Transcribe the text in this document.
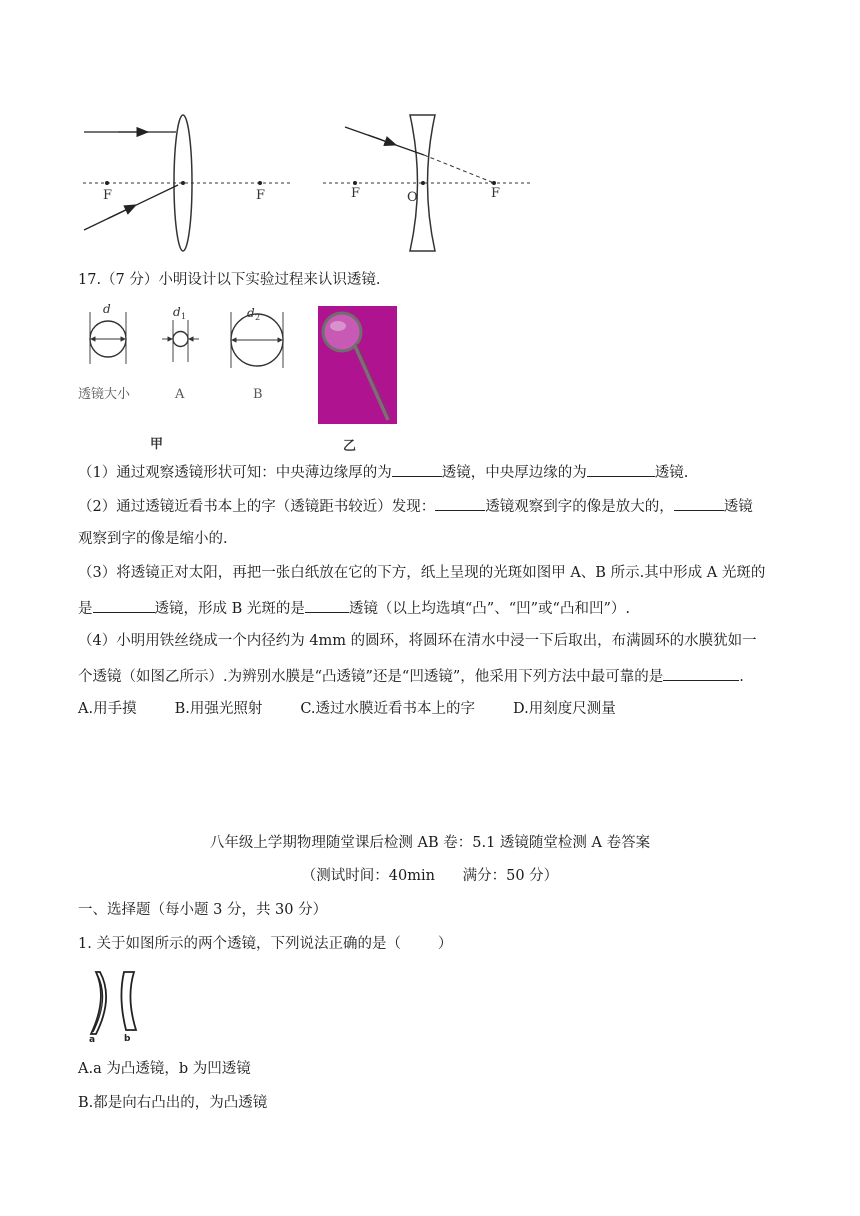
F	F	F	O	F
17.（7 分）小明设计以下实验过程来认识透镜.
d
透镜大小
d 1
A
d 2
B
甲	乙
（1）通过观察透镜形状可知：中央薄边缘厚的为	透镜，中央厚边缘的为	透镜.
（2）通过透镜近看书本上的字（透镜距书较近）发现：	透镜观察到字的像是放大的，	透镜
观察到字的像是缩小的.
（3）将透镜正对太阳，再把一张白纸放在它的下方，纸上呈现的光斑如图甲 A、B 所示.其中形成 A 光斑的
是	透镜，形成 B 光斑的是	透镜（以上均选填“凸”、“凹”或“凸和凹”）.
（4）小明用铁丝绕成一个内径约为 4mm 的圆环，将圆环在清水中浸一下后取出，布满圆环的水膜犹如一
个透镜（如图乙所示）.为辨别水膜是“凸透镜”还是“凹透镜”，他采用下列方法中最可靠的是	.
A.用手摸	B.用强光照射	C.透过水膜近看书本上的字	D.用刻度尺测量
八年级上学期物理随堂课后检测 AB 卷：5.1 透镜随堂检测 A 卷答案
（测试时间：40min      满分：50 分）
一、选择题（每小题 3 分，共 30 分）
1. 关于如图所示的两个透镜，下列说法正确的是（        ）
a	b
A.a 为凸透镜，b 为凹透镜
B.都是向右凸出的，为凸透镜
